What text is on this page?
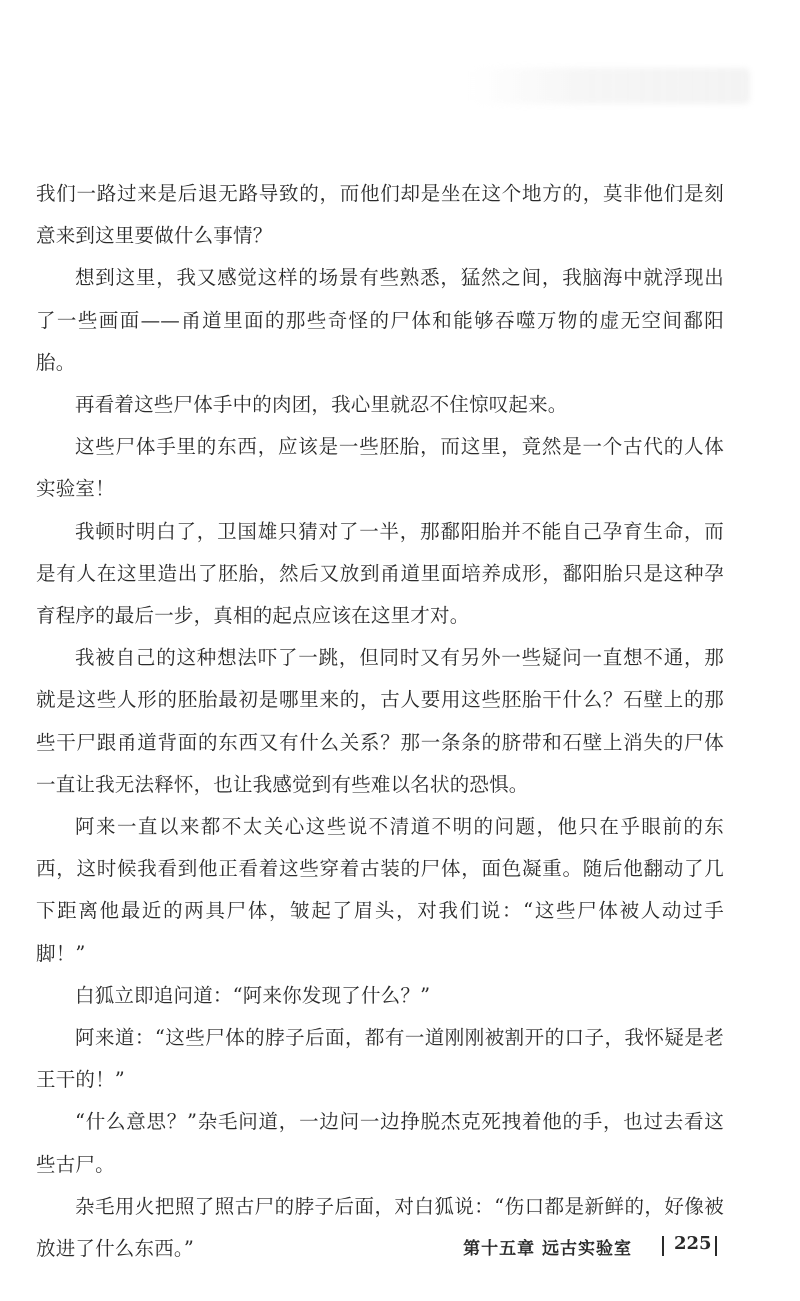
我们一路过来是后退无路导致的，而他们却是坐在这个地方的，莫非他们是刻意来到这里要做什么事情？

想到这里，我又感觉这样的场景有些熟悉，猛然之间，我脑海中就浮现出了一些画面——甬道里面的那些奇怪的尸体和能够吞噬万物的虚无空间鄱阳胎。

再看着这些尸体手中的肉团，我心里就忍不住惊叹起来。

这些尸体手里的东西，应该是一些胚胎，而这里，竟然是一个古代的人体实验室！

我顿时明白了，卫国雄只猜对了一半，那鄱阳胎并不能自己孕育生命，而是有人在这里造出了胚胎，然后又放到甬道里面培养成形，鄱阳胎只是这种孕育程序的最后一步，真相的起点应该在这里才对。

我被自己的这种想法吓了一跳，但同时又有另外一些疑问一直想不通，那就是这些人形的胚胎最初是哪里来的，古人要用这些胚胎干什么？石壁上的那些干尸跟甬道背面的东西又有什么关系？那一条条的脐带和石壁上消失的尸体一直让我无法释怀，也让我感觉到有些难以名状的恐惧。

阿来一直以来都不太关心这些说不清道不明的问题，他只在乎眼前的东西，这时候我看到他正看着这些穿着古装的尸体，面色凝重。随后他翻动了几下距离他最近的两具尸体，皱起了眉头，对我们说：“这些尸体被人动过手脚！”

白狐立即追问道：“阿来你发现了什么？”

阿来道：“这些尸体的脖子后面，都有一道刚刚被割开的口子，我怀疑是老王干的！”

“什么意思？”杂毛问道，一边问一边挣脱杰克死拽着他的手，也过去看这些古尸。

杂毛用火把照了照古尸的脖子后面，对白狐说：“伤口都是新鲜的，好像被放进了什么东西。”	第十五章 远古实验室 225
